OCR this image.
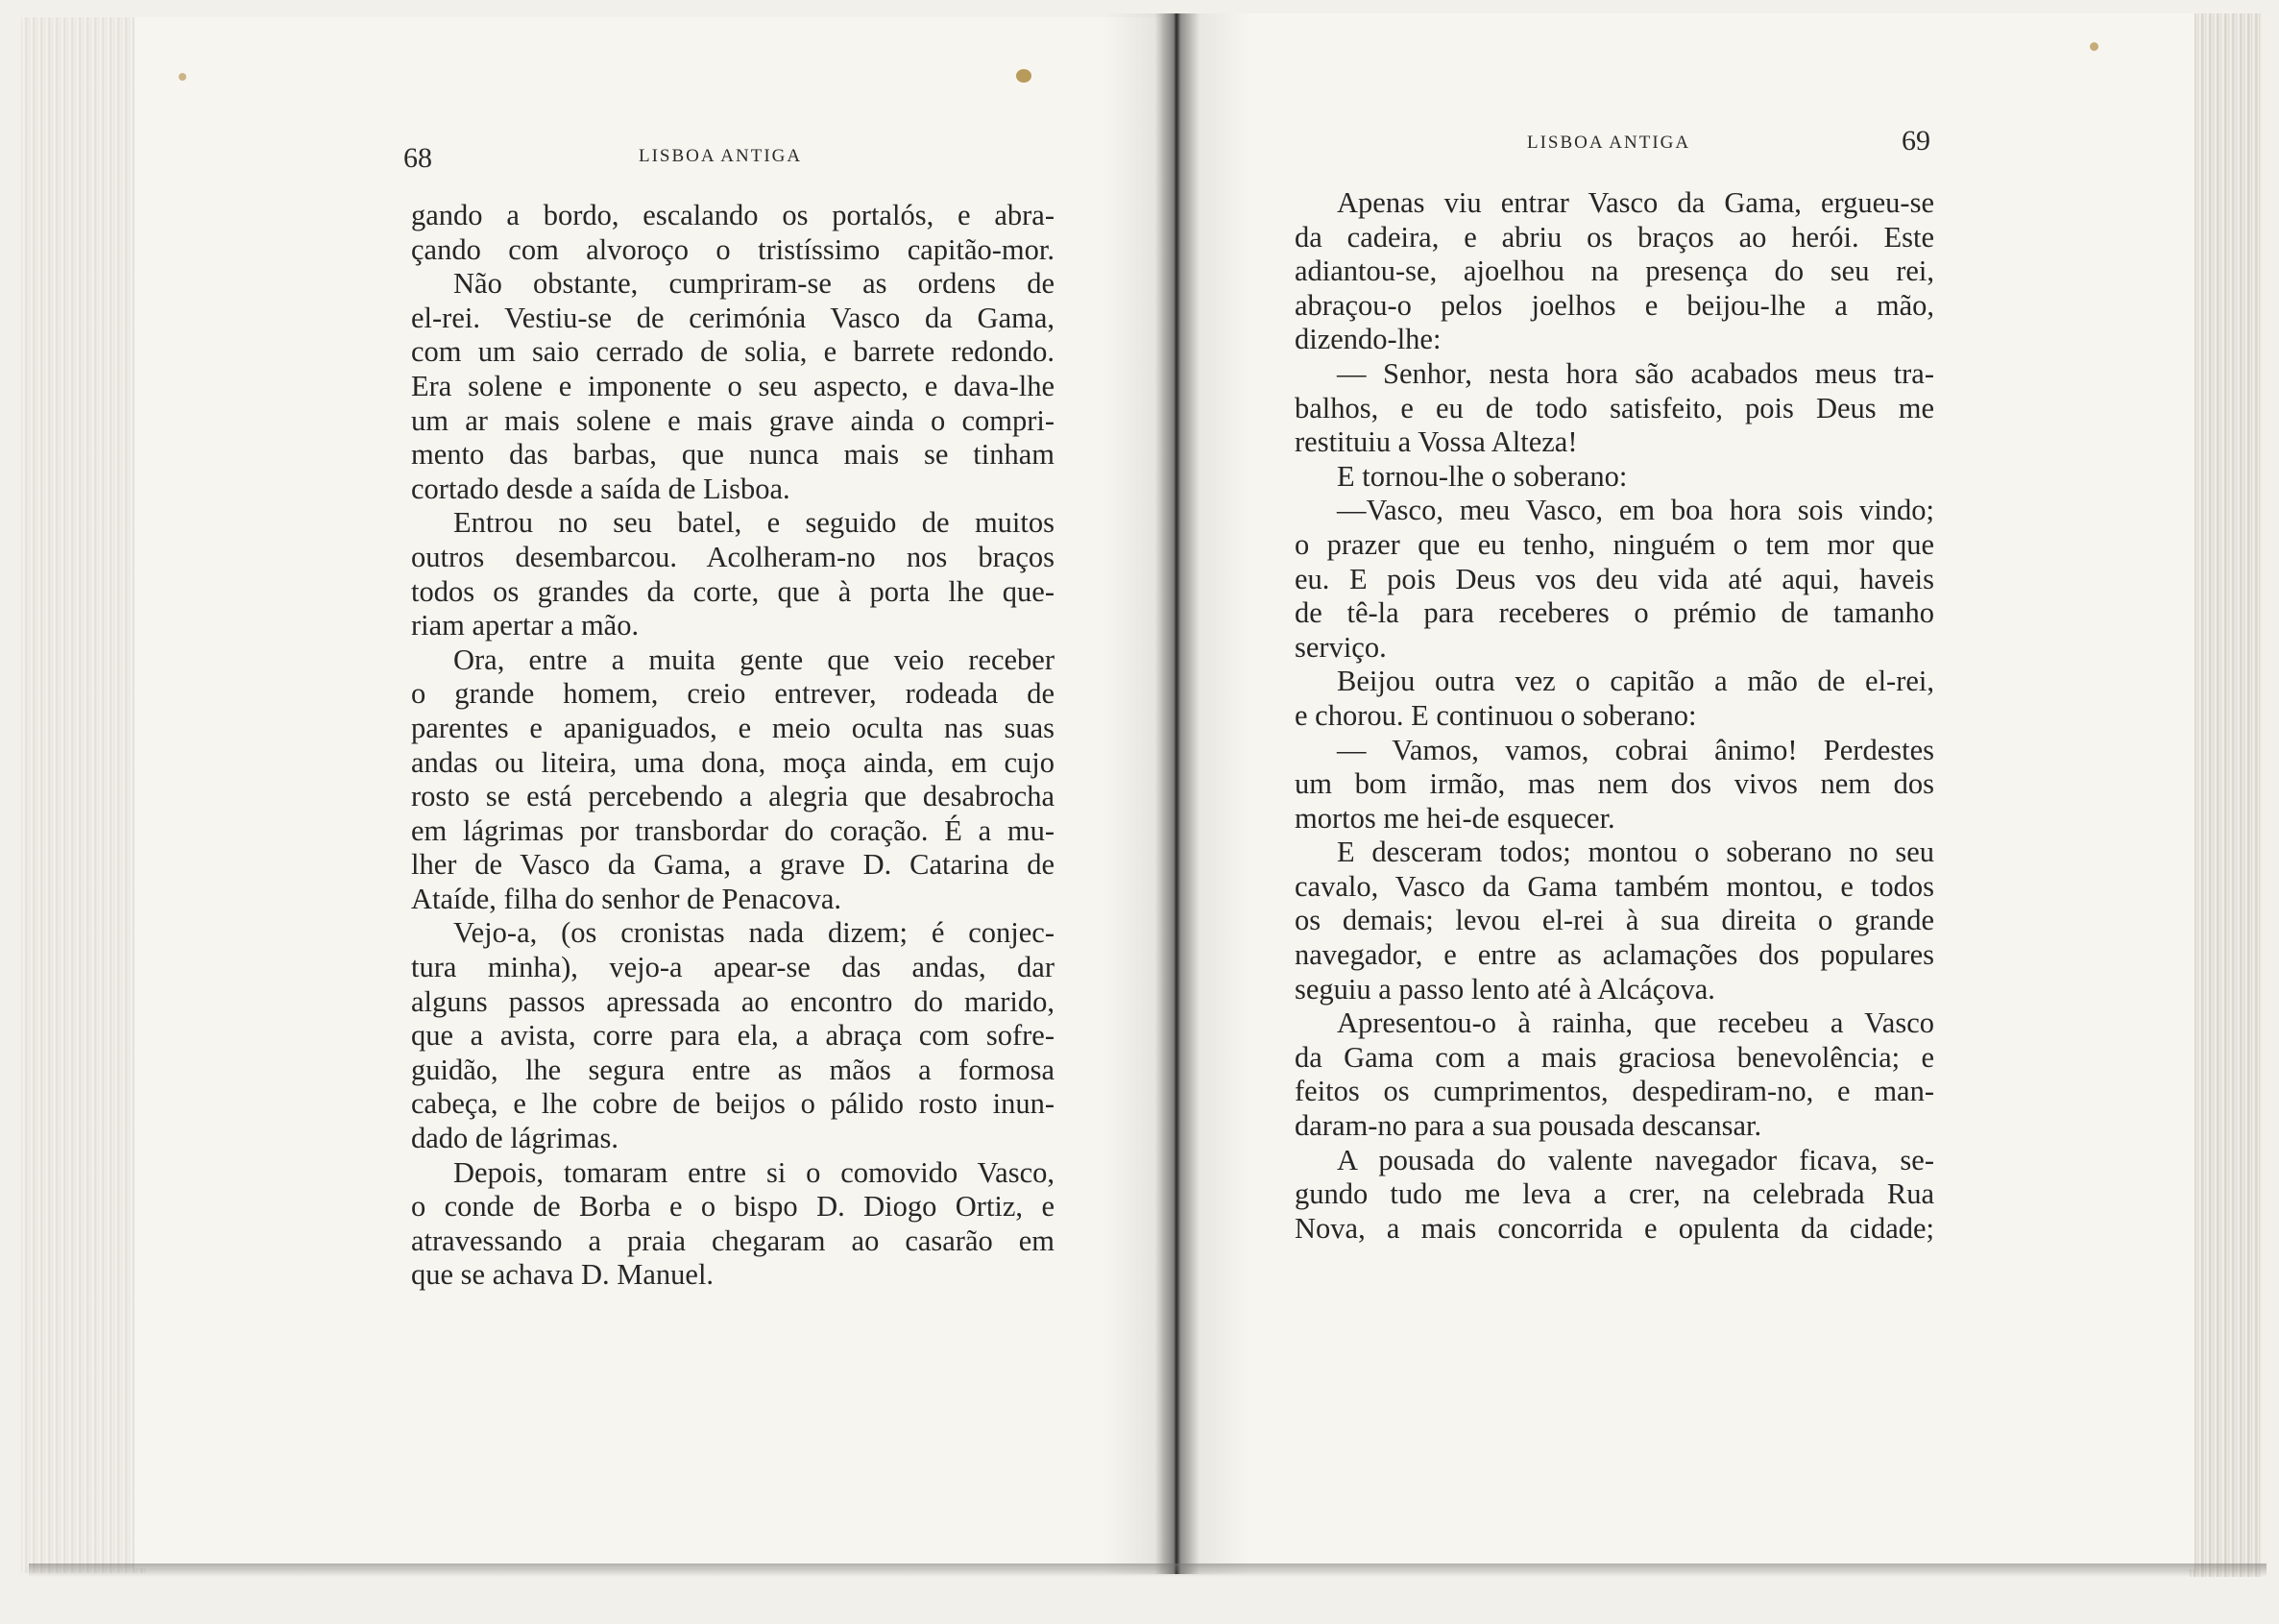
68	LISBOA ANTIGA
LISBOA ANTIGA	69
gando a bordo, escalando os portalós, e abra-
çando com alvoroço o tristíssimo capitão-mor.
Não obstante, cumpriram-se as ordens de
el-rei. Vestiu-se de cerimónia Vasco da Gama,
com um saio cerrado de solia, e barrete redondo.
Era solene e imponente o seu aspecto, e dava-lhe
um ar mais solene e mais grave ainda o compri-
mento das barbas, que nunca mais se tinham
cortado desde a saída de Lisboa.
Entrou no seu batel, e seguido de muitos
outros desembarcou. Acolheram-no nos braços
todos os grandes da corte, que à porta lhe que-
riam apertar a mão.
Ora, entre a muita gente que veio receber
o grande homem, creio entrever, rodeada de
parentes e apaniguados, e meio oculta nas suas
andas ou liteira, uma dona, moça ainda, em cujo
rosto se está percebendo a alegria que desabrocha
em lágrimas por transbordar do coração. É a mu-
lher de Vasco da Gama, a grave D. Catarina de
Ataíde, filha do senhor de Penacova.
Vejo-a, (os cronistas nada dizem; é conjec-
tura minha), vejo-a apear-se das andas, dar
alguns passos apressada ao encontro do marido,
que a avista, corre para ela, a abraça com sofre-
guidão, lhe segura entre as mãos a formosa
cabeça, e lhe cobre de beijos o pálido rosto inun-
dado de lágrimas.
Depois, tomaram entre si o comovido Vasco,
o conde de Borba e o bispo D. Diogo Ortiz, e
atravessando a praia chegaram ao casarão em
que se achava D. Manuel.
Apenas viu entrar Vasco da Gama, ergueu-se
da cadeira, e abriu os braços ao herói. Este
adiantou-se, ajoelhou na presença do seu rei,
abraçou-o pelos joelhos e beijou-lhe a mão,
dizendo-lhe:
— Senhor, nesta hora são acabados meus tra-
balhos, e eu de todo satisfeito, pois Deus me
restituiu a Vossa Alteza!
E tornou-lhe o soberano:
—Vasco, meu Vasco, em boa hora sois vindo;
o prazer que eu tenho, ninguém o tem mor que
eu. E pois Deus vos deu vida até aqui, haveis
de tê-la para receberes o prémio de tamanho
serviço.
Beijou outra vez o capitão a mão de el-rei,
e chorou. E continuou o soberano:
— Vamos, vamos, cobrai ânimo! Perdestes
um bom irmão, mas nem dos vivos nem dos
mortos me hei-de esquecer.
E desceram todos; montou o soberano no seu
cavalo, Vasco da Gama também montou, e todos
os demais; levou el-rei à sua direita o grande
navegador, e entre as aclamações dos populares
seguiu a passo lento até à Alcáçova.
Apresentou-o à rainha, que recebeu a Vasco
da Gama com a mais graciosa benevolência; e
feitos os cumprimentos, despediram-no, e man-
daram-no para a sua pousada descansar.
A pousada do valente navegador ficava, se-
gundo tudo me leva a crer, na celebrada Rua
Nova, a mais concorrida e opulenta da cidade;
